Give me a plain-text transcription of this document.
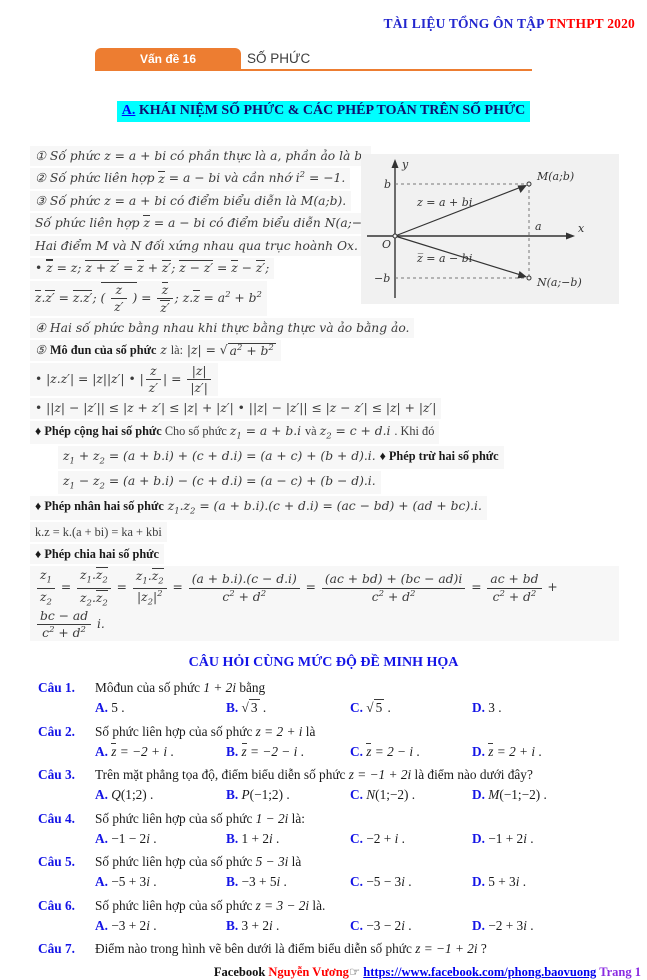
TÀI LIỆU TỔNG ÔN TẬP TNTHPT 2020
Vấn đề 16	SỐ PHỨC
A. KHÁI NIỆM SỐ PHỨC & CÁC PHÉP TOÁN TRÊN SỐ PHỨC
① Số phức z = a + bi có phần thực là a, phần ảo là b.
② Số phức liên hợp z = a − bi và cần nhớ $i^2 = -1$.
③ Số phức z = a + bi có điểm biểu diễn là M(a;b).
Số phức liên hợp z = a − bi có điểm biểu diễn N(a;−b).
Hai điểm M và N đối xứng nhau qua trục hoành Ox.
• z = z; z + z′ = z + z′; z − z′ = z − z′;
z.z′ = z.z′; ( $\frac{z}{z'}$ ) = $\frac{z}{z'}$ ; $z.z = a^2 + b^2$
④ Hai số phức bằng nhau khi thực bằng thực và ảo bằng ảo.
⑤ Mô đun của số phức z là: |z| = √ $a^2 + b^2$
• |z.z′| = |z||z′| • | $\frac{z}{z'}$ | = $\frac{|z|}{|z'|}$
• ||z| − |z′|| ≤ |z + z′| ≤ |z| + |z′| • ||z| − |z′|| ≤ |z − z′| ≤ |z| + |z′|
♦ Phép cộng hai số phức Cho số phức $z_1 = a + b.i$ và $z_2 = c + d.i$ . Khi đó
$z_1 + z_2 = (a + b.i) + (c + d.i) = (a + c) + (b + d).i$. ♦ Phép trừ hai số phức
$z_1 - z_2 = (a + b.i) - (c + d.i) = (a - c) + (b - d).i$.
♦ Phép nhân hai số phức $z_1.z_2 = (a + b.i).(c + d.i) = (ac - bd) + (ad + bc).i$.
k.z = k.(a + bi) = ka + kbi
♦ Phép chia hai số phức
$\frac{z_1}{z_2} = \frac{z_1.z_2}{z_2.z_2} = \frac{z_1.z_2}{|z_2|^2} = \frac{(a + b.i).(c - d.i)}{c^2 + d^2} = \frac{(ac + bd) + (bc - ad)i}{c^2 + d^2} = \frac{ac + bd}{c^2 + d^2}$ +
$\frac{bc - ad}{c^2 + d^2} i$.
y
x
O
b
−b
a
M(a;b)
N(a;−b)
z = a + bi
z̅ = a − bi
CÂU HỎI CÙNG MỨC ĐỘ ĐỀ MINH HỌA
Câu 1.	Môđun của số phức 1 + 2i bằng
A. 5 .	B. √ 3 .	C. √ 5 .	D. 3 .
Câu 2.	Số phức liên hợp của số phức z = 2 + i là
A. z = −2 + i .	B. z = −2 − i .	C. z = 2 − i .	D. z = 2 + i .
Câu 3.	Trên mặt phẳng tọa độ, điểm biểu diễn số phức z = −1 + 2i là điểm nào dưới đây?
A. Q(1;2) .	B. P(−1;2) .	C. N(1;−2) .	D. M(−1;−2) .
Câu 4.	Số phức liên hợp của số phức 1 − 2i là:
A. −1 − 2i .	B. 1 + 2i .	C. −2 + i .	D. −1 + 2i .
Câu 5.	Số phức liên hợp của số phức 5 − 3i là
A. −5 + 3i .	B. −3 + 5i .	C. −5 − 3i .	D. 5 + 3i .
Câu 6.	Số phức liên hợp của số phức z = 3 − 2i là.
A. −3 + 2i .	B. 3 + 2i .	C. −3 − 2i .	D. −2 + 3i .
Câu 7.	Điểm nào trong hình vẽ bên dưới là điểm biểu diễn số phức z = −1 + 2i ?
Facebook Nguyễn Vương☞ https://www.facebook.com/phong.baovuong Trang 1
